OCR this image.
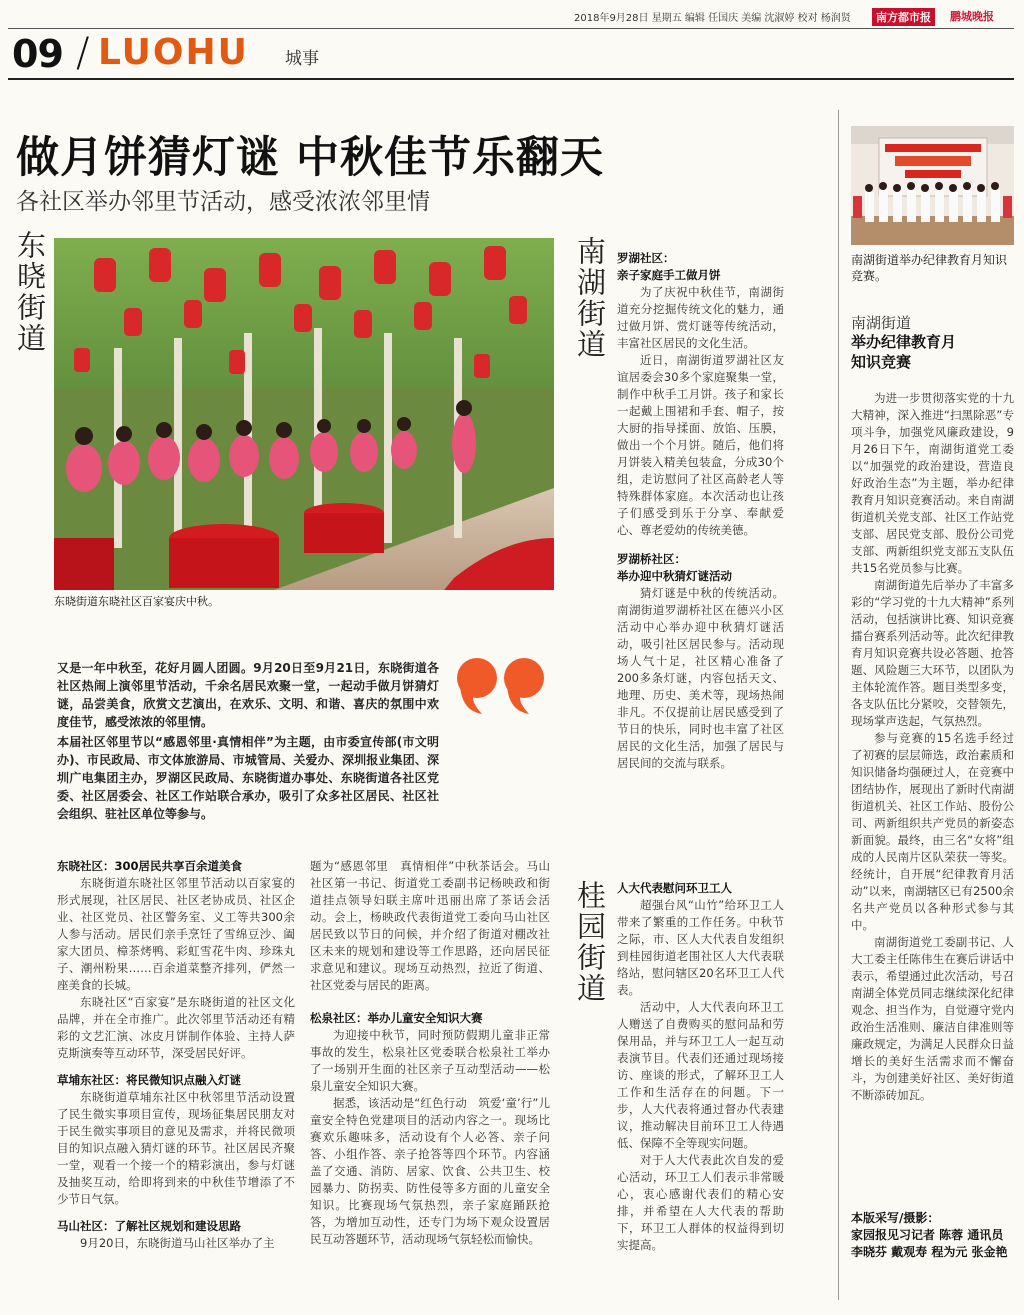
2018年9月28日 星期五 编辑 任国庆 美编 沈淑婷 校对 杨润贤	南方都市报	鹏城晚报
09 / LUOHU 城事
做月饼猜灯谜 中秋佳节乐翻天
各社区举办邻里节活动，感受浓浓邻里情
东晓街道	南湖街道
桂园街道
东晓街道东晓社区百家宴庆中秋。

又是一年中秋至，花好月圆人团圆。9月20日至9月21日，东晓街道各社区热闹上演邻里节活动，千余名居民欢聚一堂，一起动手做月饼猜灯谜，品尝美食，欣赏文艺演出，在欢乐、文明、和谐、喜庆的氛围中欢度佳节，感受浓浓的邻里情。

本届社区邻里节以“感恩邻里·真情相伴”为主题，由市委宣传部(市文明办)、市民政局、市文体旅游局、市城管局、关爱办、深圳报业集团、深圳广电集团主办，罗湖区民政局、东晓街道办事处、东晓街道各社区党委、社区居委会、社区工作站联合承办，吸引了众多社区居民、社区社会组织、驻社区单位等参与。

东晓社区：300居民共享百余道美食

东晓街道东晓社区邻里节活动以百家宴的形式展现，社区居民、社区老协成员、社区企业、社区党员、社区警务室、义工等共300余人参与活动。居民们亲手烹饪了雪绵豆沙、阖家大团员、樟茶烤鸭、彩虹雪花牛肉、珍珠丸子、潮州粉果……百余道菜整齐排列，俨然一座美食的长城。

东晓社区“百家宴”是东晓街道的社区文化品牌，并在全市推广。此次邻里节活动还有精彩的文艺汇演、冰皮月饼制作体验、主持人萨克斯演奏等互动环节，深受居民好评。

草埔东社区：将民微知识点融入灯谜

东晓街道草埔东社区中秋邻里节活动设置了民生微实事项目宣传，现场征集居民朋友对于民生微实事项目的意见及需求，并将民微项目的知识点融入猜灯谜的环节。社区居民齐聚一堂，观看一个接一个的精彩演出，参与灯谜及抽奖互动，给即将到来的中秋佳节增添了不少节日气氛。

马山社区：了解社区规划和建设思路

9月20日，东晓街道马山社区举办了主

题为“感恩邻里　真情相伴”中秋茶话会。马山社区第一书记、街道党工委副书记杨映政和街道挂点领导妇联主席叶迅丽出席了茶话会活动。会上，杨映政代表街道党工委向马山社区居民致以节日的问候，并介绍了街道对棚改社区未来的规划和建设等工作思路，还向居民征求意见和建议。现场互动热烈，拉近了街道、社区党委与居民的距离。

松泉社区：举办儿童安全知识大赛

为迎接中秋节，同时预防假期儿童非正常事故的发生，松泉社区党委联合松泉社工举办了一场别开生面的社区亲子互动型活动——松泉儿童安全知识大赛。

据悉，该活动是“红色行动　筑爱‘童’行”儿童安全特色党建项目的活动内容之一。现场比赛欢乐趣味多，活动设有个人必答、亲子问答、小组作答、亲子抢答等四个环节。内容涵盖了交通、消防、居家、饮食、公共卫生、校园暴力、防拐卖、防性侵等多方面的儿童安全知识。比赛现场气氛热烈，亲子家庭踊跃抢答，为增加互动性，还专门为场下观众设置居民互动答题环节，活动现场气氛轻松而愉快。

罗湖社区：

亲子家庭手工做月饼

为了庆祝中秋佳节，南湖街道充分挖掘传统文化的魅力，通过做月饼、赏灯谜等传统活动，丰富社区居民的文化生活。

近日，南湖街道罗湖社区友谊居委会30多个家庭聚集一堂，制作中秋手工月饼。孩子和家长一起戴上围裙和手套、帽子，按大厨的指导揉面、放馅、压膜，做出一个个月饼。随后，他们将月饼装入精美包装盒，分成30个组，走访慰问了社区高龄老人等特殊群体家庭。本次活动也让孩子们感受到乐于分享、奉献爱心、尊老爱幼的传统美德。

罗湖桥社区：

举办迎中秋猜灯谜活动

猜灯谜是中秋的传统活动。南湖街道罗湖桥社区在德兴小区活动中心举办迎中秋猜灯谜活动，吸引社区居民参与。活动现场人气十足，社区精心准备了200多条灯谜，内容包括天文、地理、历史、美术等，现场热闹非凡。不仅提前让居民感受到了节日的快乐，同时也丰富了社区居民的文化生活，加强了居民与居民间的交流与联系。

人大代表慰问环卫工人

超强台风“山竹”给环卫工人带来了繁重的工作任务。中秋节之际，市、区人大代表自发组织到桂园街道老围社区人大代表联络站，慰问辖区20名环卫工人代表。

活动中，人大代表向环卫工人赠送了自费购买的慰问品和劳保用品，并与环卫工人一起互动表演节目。代表们还通过现场接访、座谈的形式，了解环卫工人工作和生活存在的问题。下一步，人大代表将通过督办代表建议，推动解决目前环卫工人待遇低、保障不全等现实问题。

对于人大代表此次自发的爱心活动，环卫工人们表示非常暖心，衷心感谢代表们的精心安排，并希望在人大代表的帮助下，环卫工人群体的权益得到切实提高。

南湖街道举办纪律教育月知识竞赛。
南湖街道
举办纪律教育月
知识竞赛

为进一步贯彻落实党的十九大精神，深入推进“扫黑除恶”专项斗争，加强党风廉政建设，9月26日下午，南湖街道党工委以“加强党的政治建设，营造良好政治生态”为主题，举办纪律教育月知识竞赛活动。来自南湖街道机关党支部、社区工作站党支部、居民党支部、股份公司党支部、两新组织党支部五支队伍共15名党员参与比赛。

南湖街道先后举办了丰富多彩的“学习党的十九大精神”系列活动，包括演讲比赛、知识竞赛擂台赛系列活动等。此次纪律教育月知识竞赛共设必答题、抢答题、风险题三大环节，以团队为主体轮流作答。题目类型多变，各支队伍比分紧咬，交替领先，现场掌声迭起，气氛热烈。

参与竞赛的15名选手经过了初赛的层层筛选，政治素质和知识储备均强硬过人，在竞赛中团结协作，展现出了新时代南湖街道机关、社区工作站、股份公司、两新组织共产党员的新姿态新面貌。最终，由三名“女将”组成的人民南片区队荣获一等奖。经统计，自开展“纪律教育月活动”以来，南湖辖区已有2500余名共产党员以各种形式参与其中。

南湖街道党工委副书记、人大工委主任陈伟生在赛后讲话中表示，希望通过此次活动，号召南湖全体党员同志继续深化纪律观念、担当作为，自觉遵守党内政治生活准则、廉洁自律准则等廉政规定，为满足人民群众日益增长的美好生活需求而不懈奋斗，为创建美好社区、美好街道不断添砖加瓦。

本版采写/摄影：
家园报见习记者 陈蓉 通讯员 李晓芬 戴观寿 程为元 张金艳
